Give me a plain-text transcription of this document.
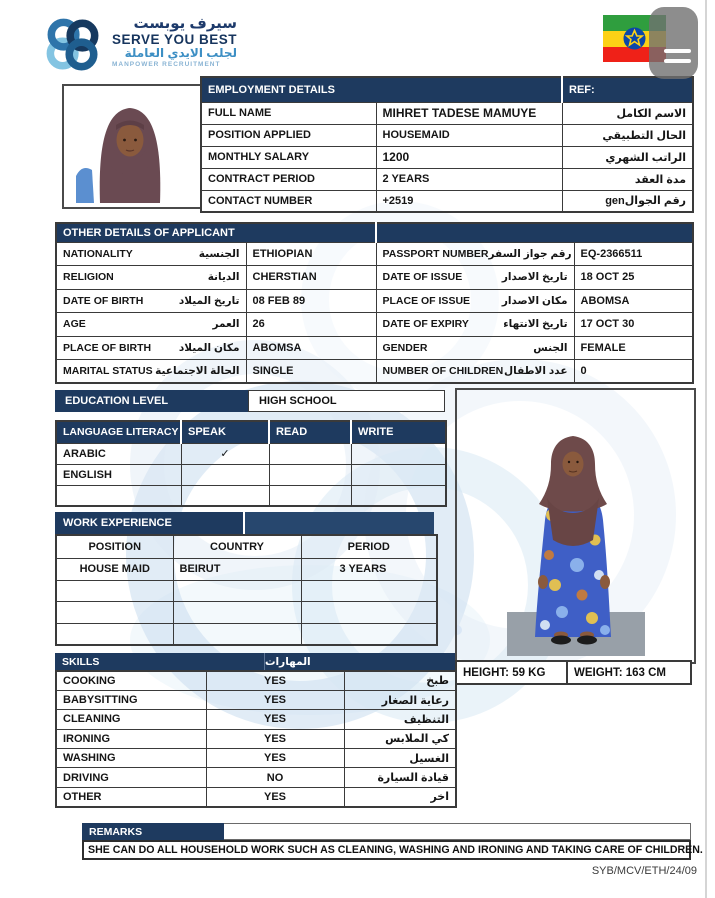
سيرف يوبست
SERVE YOU BEST
لجلب الايدي العاملة
MANPOWER RECRUITMENT
EMPLOYMENT DETAILS		REF:
FULL NAME	MIHRET TADESE MAMUYE	الاسم الكامل
POSITION APPLIED	HOUSEMAID	الحال التطبيقي
MONTHLY SALARY	1200	الراتب الشهري
CONTRACT PERIOD	2 YEARS	مدة العقد
CONTACT NUMBER	+2519	رقم الجوالgen
OTHER DETAILS OF APPLICANT			

NATIONALITY الجنسية	ETHIOPIAN	PASSPORT NUMBER رقم جواز السفر	EQ-2366511

RELIGION الديانة	CHERSTIAN	DATE OF ISSUE تاريخ الاصدار	18 OCT 25

DATE OF BIRTH تاريخ الميلاد	08 FEB 89	PLACE OF ISSUE مكان الاصدار	ABOMSA

AGE العمر	26	DATE OF EXPIRY تاريخ الانتهاء	17 OCT 30

PLACE OF BIRTH مكان الميلاد	ABOMSA	GENDER الجنس	FEMALE

MARITAL STATUS الحالة الاجتماعية	SINGLE	NUMBER OF CHILDREN عدد الاطفال	0
EDUCATION LEVEL	HIGH SCHOOL
LANGUAGE LITERACY	SPEAK	READ	WRITE
ARABIC	✓		
ENGLISH			

WORK EXPERIENCE
POSITION	COUNTRY	PERIOD
HOUSE MAID	BEIRUT	3 YEARS

HEIGHT: 59 KG	WEIGHT: 163 CM
SKILLS	المهارات
COOKING	YES	طبخ
BABYSITTING	YES	رعاية الصغار
CLEANING	YES	التنظيف
IRONING	YES	كي الملابس
WASHING	YES	الغسيل
DRIVING	NO	قيادة السيارة
OTHER	YES	اخر
REMARKS
SHE CAN DO ALL HOUSEHOLD WORK SUCH AS CLEANING, WASHING AND IRONING AND TAKING CARE OF CHILDREN.
SYB/MCV/ETH/24/09
